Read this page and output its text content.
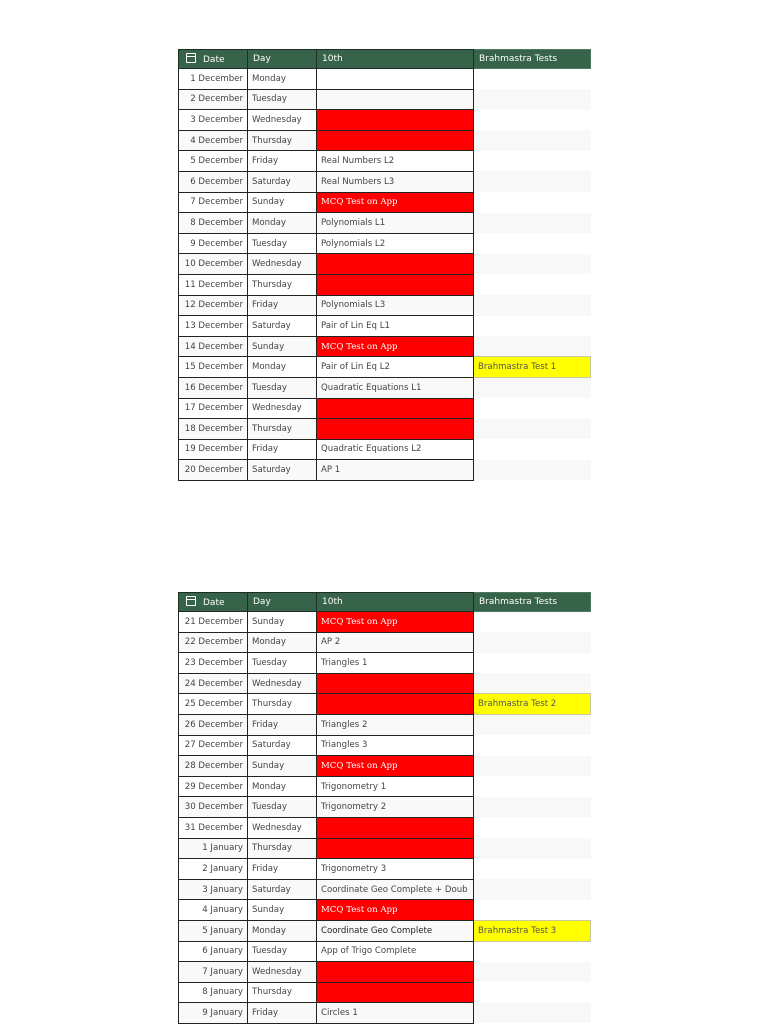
Date	Day	10th	Brahmastra Tests
1 December	Monday		
2 December	Tuesday		
3 December	Wednesday		
4 December	Thursday		
5 December	Friday	Real Numbers L2	
6 December	Saturday	Real Numbers L3	
7 December	Sunday	MCQ Test on App	
8 December	Monday	Polynomials L1	
9 December	Tuesday	Polynomials L2	
10 December	Wednesday		
11 December	Thursday		
12 December	Friday	Polynomials L3	
13 December	Saturday	Pair of Lin Eq L1	
14 December	Sunday	MCQ Test on App	
15 December	Monday	Pair of Lin Eq L2	Brahmastra Test 1
16 December	Tuesday	Quadratic Equations L1	
17 December	Wednesday		
18 December	Thursday		
19 December	Friday	Quadratic Equations L2	
20 December	Saturday	AP 1	
Date	Day	10th	Brahmastra Tests
21 December	Sunday	MCQ Test on App	
22 December	Monday	AP 2	
23 December	Tuesday	Triangles 1	
24 December	Wednesday		
25 December	Thursday		Brahmastra Test 2
26 December	Friday	Triangles 2	
27 December	Saturday	Triangles 3	
28 December	Sunday	MCQ Test on App	
29 December	Monday	Trigonometry 1	
30 December	Tuesday	Trigonometry 2	
31 December	Wednesday		
1 January	Thursday		
2 January	Friday	Trigonometry 3	
3 January	Saturday	Coordinate Geo Complete + Doub	
4 January	Sunday	MCQ Test on App	
5 January	Monday	Coordinate Geo Complete	Brahmastra Test 3
6 January	Tuesday	App of Trigo Complete	
7 January	Wednesday		
8 January	Thursday		
9 January	Friday	Circles 1	
